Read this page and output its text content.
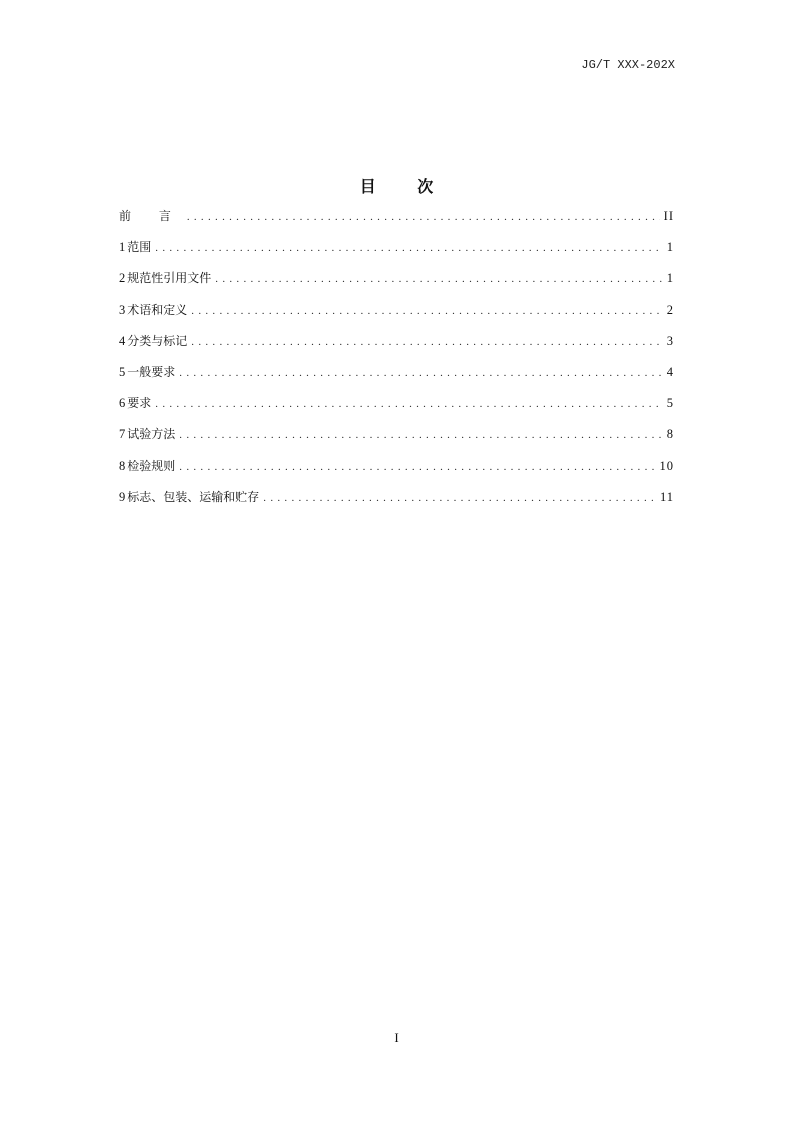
JG/T XXX-202X
目 次
前 言 .....	II
1 范围 .....	1
2 规范性引用文件 .....	1
3 术语和定义 .....	2
4 分类与标记 .....	3
5 一般要求 .....	4
6 要求 .....	5
7 试验方法 .....	8
8 检验规则 .....	10
9 标志、包装、运输和贮存 .....	11
I
